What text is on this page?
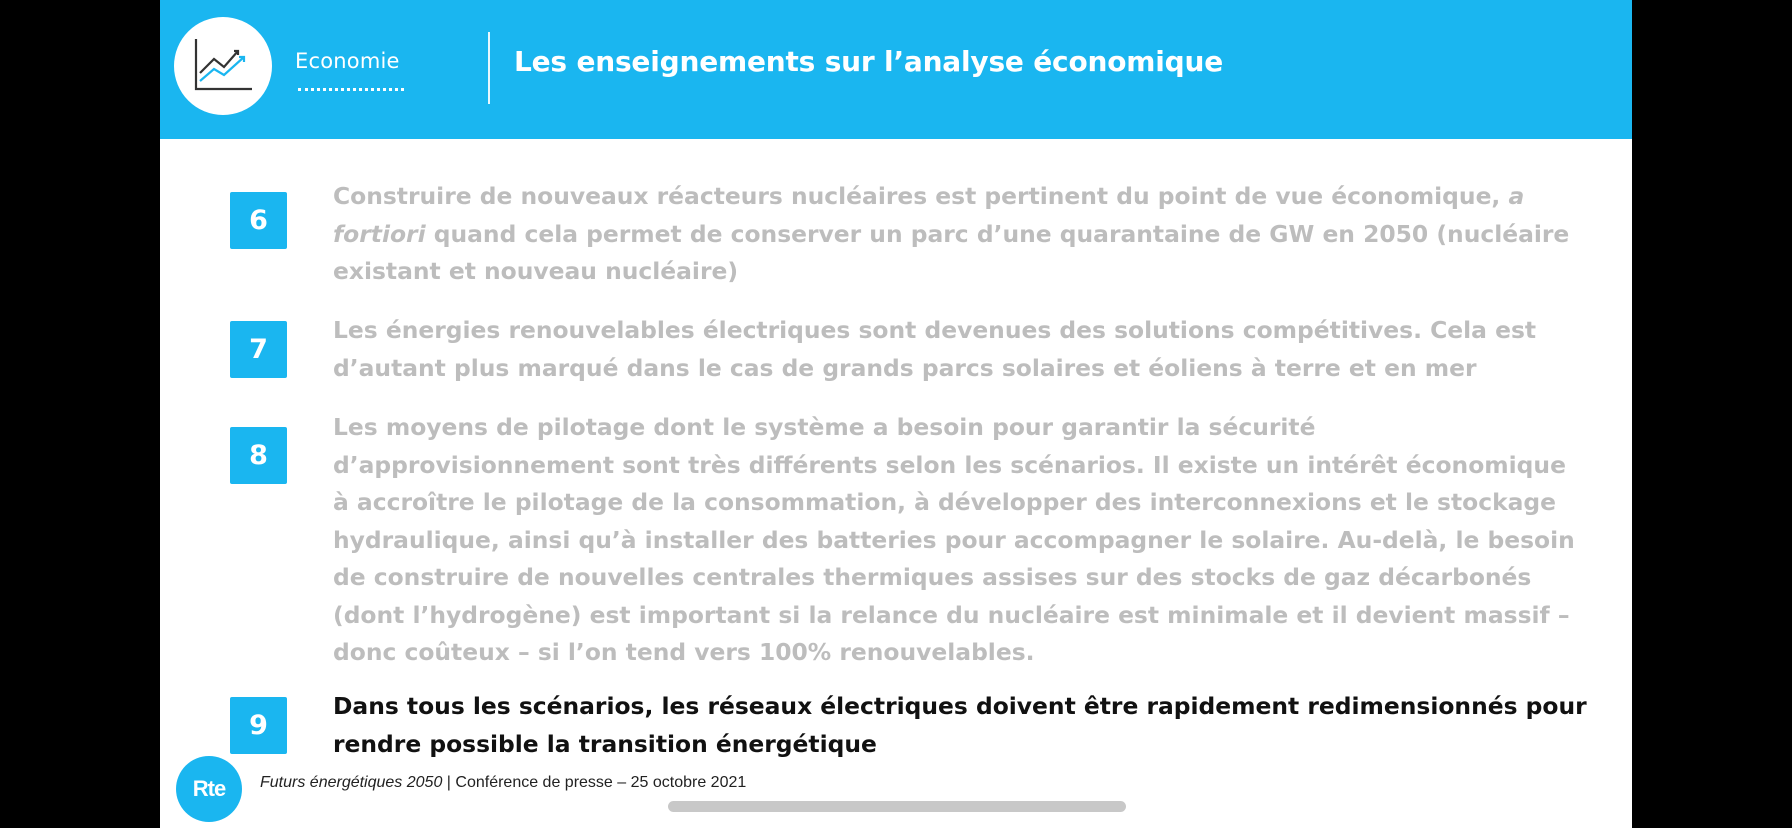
Economie	Les enseignements sur l’analyse économique
6
Construire de nouveaux réacteurs nucléaires est pertinent du point de vue économique, a fortiori quand cela permet de conserver un parc d’une quarantaine de GW en 2050 (nucléaire existant et nouveau nucléaire)
7
Les énergies renouvelables électriques sont devenues des solutions compétitives. Cela est d’autant plus marqué dans le cas de grands parcs solaires et éoliens à terre et en mer
8
Les moyens de pilotage dont le système a besoin pour garantir la sécurité d’approvisionnement sont très différents selon les scénarios. Il existe un intérêt économique à accroître le pilotage de la consommation, à développer des interconnexions et le stockage hydraulique, ainsi qu’à installer des batteries pour accompagner le solaire. Au-delà, le besoin de construire de nouvelles centrales thermiques assises sur des stocks de gaz décarbonés (dont l’hydrogène) est important si la relance du nucléaire est minimale et il devient massif – donc coûteux – si l’on tend vers 100% renouvelables.
9
Dans tous les scénarios, les réseaux électriques doivent être rapidement redimensionnés pour rendre possible la transition énergétique
Rte	Futurs énergétiques 2050 | Conférence de presse – 25 octobre 2021
